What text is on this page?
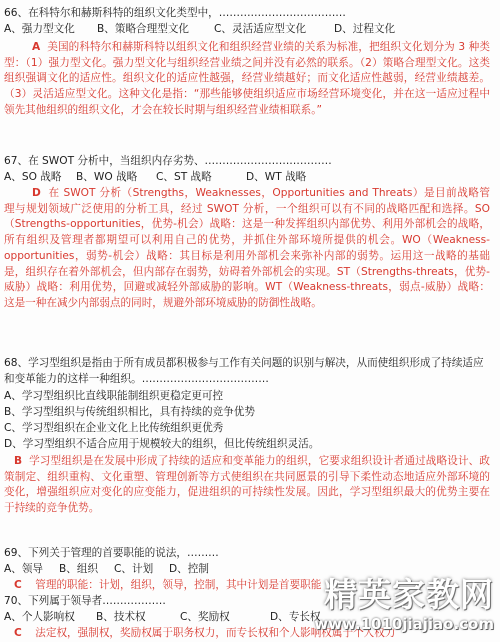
66、在科特尔和赫斯科特的组织文化类型中，………………………………
A、强力型文化 B、策略合理型文化 C、灵活适应型文化	D、过程文化

A 美国的科特尔和赫斯科特以组织文化和组织经营业绩的关系为标准，把组织文化划分为 3 种类型：（1）强力型文化。强力型文化与组织经营业绩之间并没有必然的联系。（2）策略合理型文化。这类组织强调文化的适应性。组织文化的适应性越强，经营业绩越好；而文化适应性越弱，经营业绩越差。（3）灵活适应型文化。这种文化是指：“那些能够使组织适应市场经营环境变化，并在这一适应过程中领先其他组织的组织文化，才会在较长时期与组织经营业绩相联系。”

67、在 SWOT 分析中，当组织内存劣势、………………………………
A、SO 战略 B、WO 战略 C、ST 战略	D、WT 战略

D 在 SWOT 分析（Strengths，Weaknesses，Opportunities and Threats）是目前战略管理与规划领域广泛使用的分析工具，经过 SWOT 分析，一个组织可以有不同的战略匹配和选择。SO（Strengths-opportunities，优势-机会）战略：这是一种发挥组织内部优势、利用外部机会的战略，所有组织及管理者都期望可以利用自己的优势，并抓住外部环境所提供的机会。WO（Weakness-opportunities，弱势-机会）战略：其目标是利用外部机会来弥补内部的弱势。运用这一战略的基础是，组织存在着外部机会，但内部存在弱势，妨碍着外部机会的实现。ST（Strengths-threats，优势-威胁）战略：利用优势，回避或减轻外部威胁的影响。WT（Weakness-threats，弱点-威胁）战略：这是一种在减少内部弱点的同时，规避外部环境威胁的防御性战略。

68、学习型组织是指由于所有成员都积极参与工作有关问题的识别与解决，从而使组织形成了持续适应和变革能力的这样一种组织。………………………………
A、学习型组织比直线职能制组织更稳定更可控
B、学习型组织与传统组织相比，具有持续的竞争优势
C、学习型组织在企业文化上比传统组织更优秀
D、学习型组织不适合应用于规模较大的组织，但比传统组织灵活。

B 学习型组织是在发展中形成了持续的适应和变革能力的组织，它要求组织设计者通过战略设计、政策制定、组织重构、文化重塑、管理创新等方式使组织在共同愿景的引导下柔性动态地适应外部环境的变化，增强组织应对变化的应变能力，促进组织的可持续性发展。因此，学习型组织最大的优势主要在于持续的竞争优势。

69、下列关于管理的首要职能的说法，………
A、领导 B、组织 C、计划 D、控制

C 管理的职能：计划，组织，领导，控制，其中计划是首要职能

70、下列属于领导者………………
A、个人影响权 B、技术权	C、奖励权	D、专长权

C 法定权，强制权，奖励权属于职务权力，而专长权和个人影响权属于个人权力

精英家教网
www.1010jiajiao.com
